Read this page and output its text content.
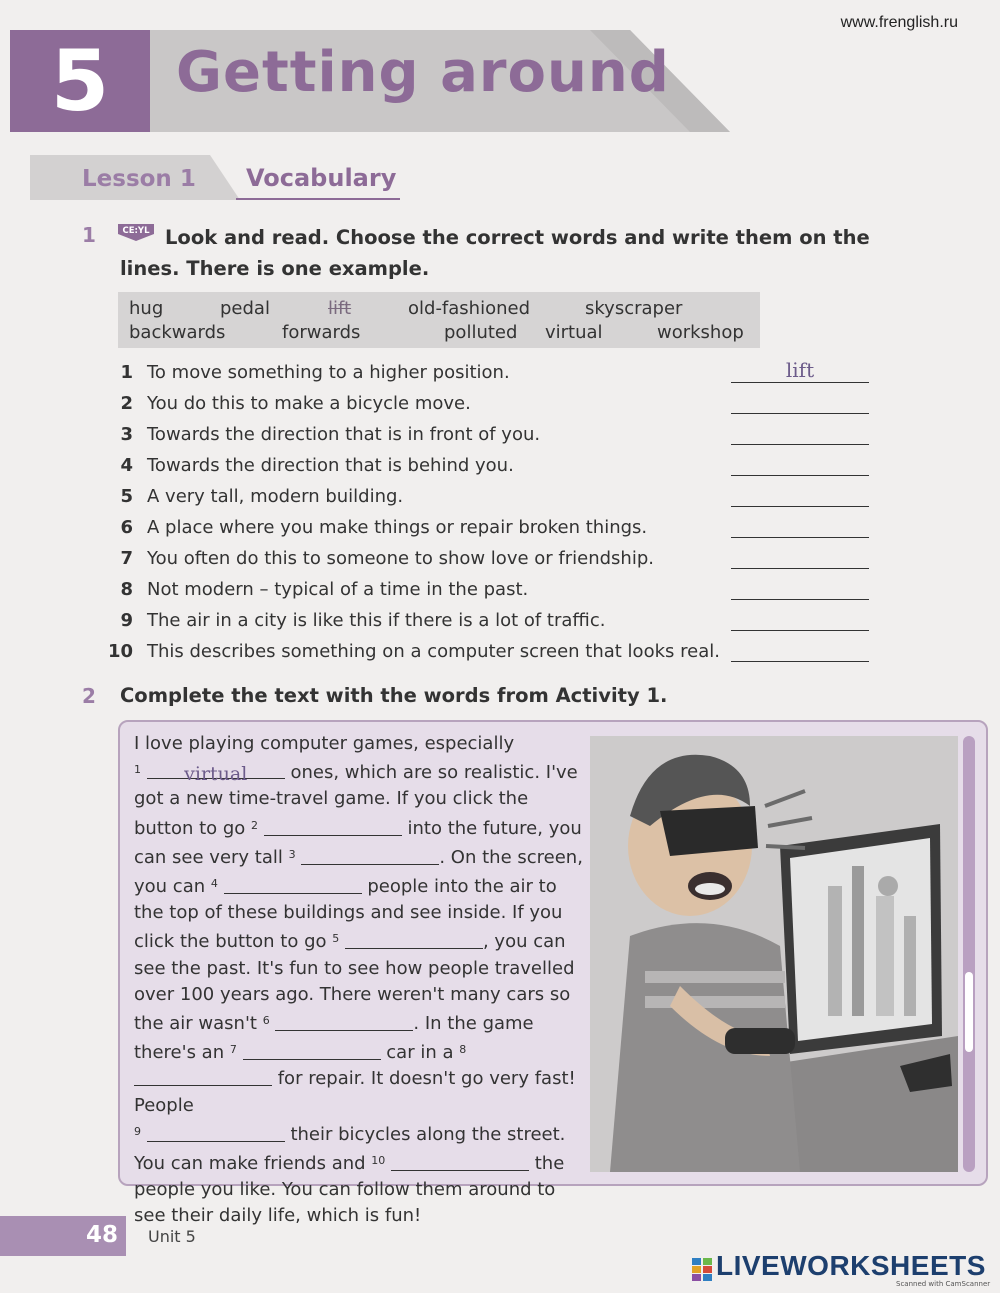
www.frenglish.ru
5	Getting around
Lesson 1 Vocabulary
1	Look and read. Choose the correct words and write them on the lines. There is one example.
CE:YL
hug	pedal	lift	old-fashioned	skyscraper
backwards	forwards	polluted virtual	workshop
1 To move something to a higher position.	lift
2 You do this to make a bicycle move.
3 Towards the direction that is in front of you.
4 Towards the direction that is behind you.
5 A very tall, modern building.
6 A place where you make things or repair broken things.
7 You often do this to someone to show love or friendship.
8 Not modern – typical of a time in the past.
9 The air in a city is like this if there is a lot of traffic.
10 This describes something on a computer screen that looks real.
2 Complete the text with the words from Activity 1.
I love playing computer games, especially
$^1$ virtual ones, which are so realistic. I've got a new time-travel game. If you click the button to go $^2$	into the future, you can see very tall $^3$	. On the screen, you can $^4$	people into the air to the top of these buildings and see inside. If you click the button to go $^5$	, you can see the past. It's fun to see how people travelled over 100 years ago. There weren't many cars so the air wasn't $^6$	. In the game there's an $^7$	car in a $^8$  for repair. It doesn't go very fast! People
$^9$	their bicycles along the street. You can make friends and $^{10}$	the people you like. You can follow them around to see their daily life, which is fun!
48 Unit 5
LIVEWORKSHEETS
Scanned with CamScanner
